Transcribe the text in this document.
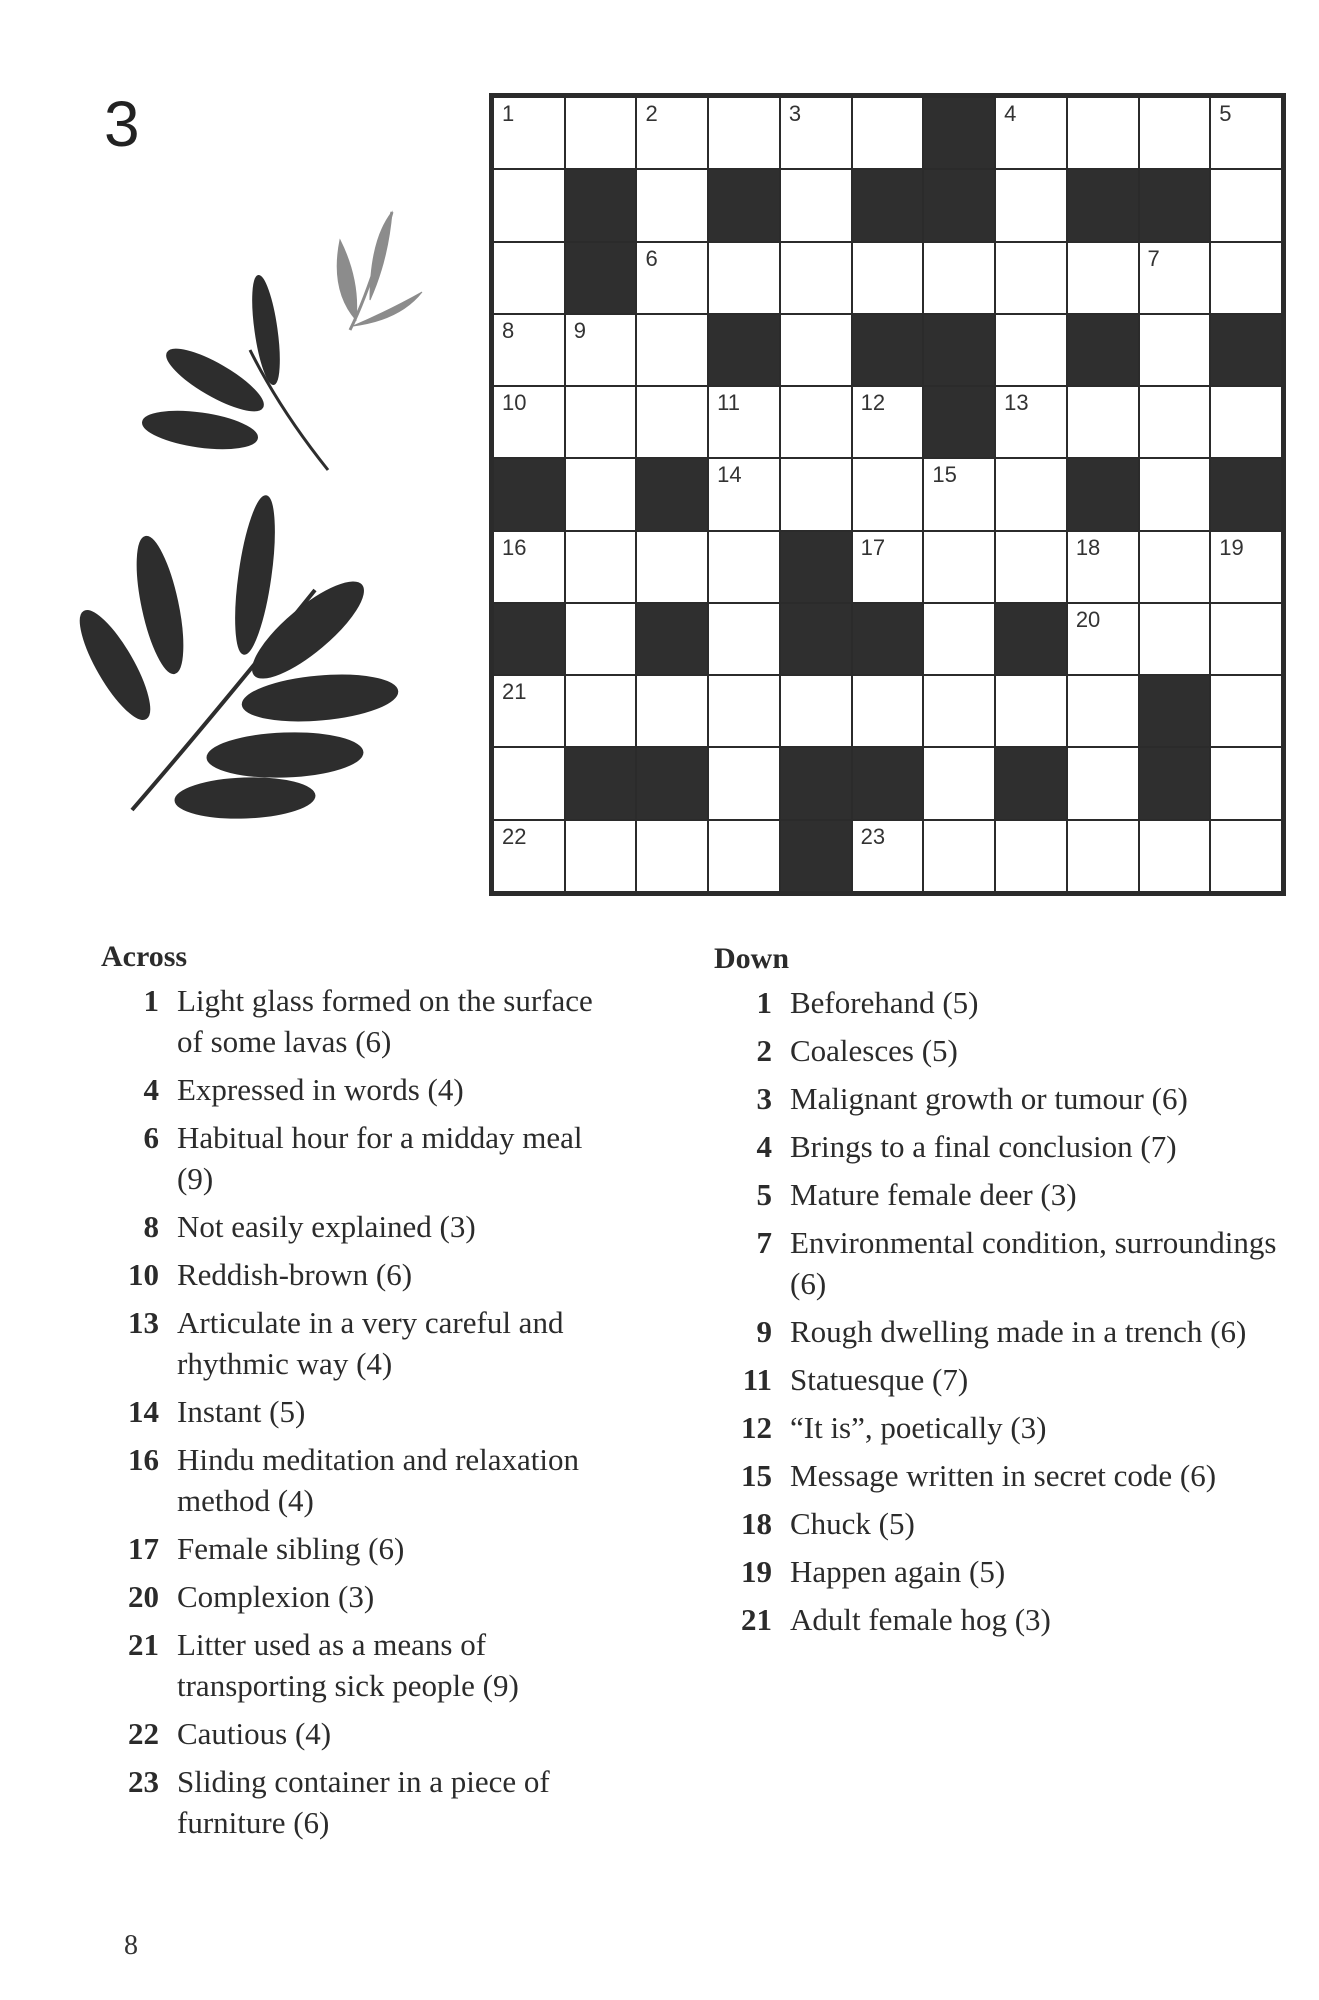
3	1	2	3	4	5
6	7
8	9
10	11	12	13
14	15
16	17	18	19
20
21
22	23
Across
1 Light glass formed on the surface of some lavas (6)
4 Expressed in words (4)
6 Habitual hour for a midday meal (9)
8 Not easily explained (3)
10 Reddish-brown (6)
13 Articulate in a very careful and rhythmic way (4)
14 Instant (5)
16 Hindu meditation and relaxation method (4)
17 Female sibling (6)
20 Complexion (3)
21 Litter used as a means of transporting sick people (9)
22 Cautious (4)
23 Sliding container in a piece of furniture (6)
Down
1 Beforehand (5)
2 Coalesces (5)
3 Malignant growth or tumour (6)
4 Brings to a final conclusion (7)
5 Mature female deer (3)
7 Environmental condition, surroundings (6)
9 Rough dwelling made in a trench (6)
11 Statuesque (7)
12 “It is”, poetically (3)
15 Message written in secret code (6)
18 Chuck (5)
19 Happen again (5)
21 Adult female hog (3)
8
